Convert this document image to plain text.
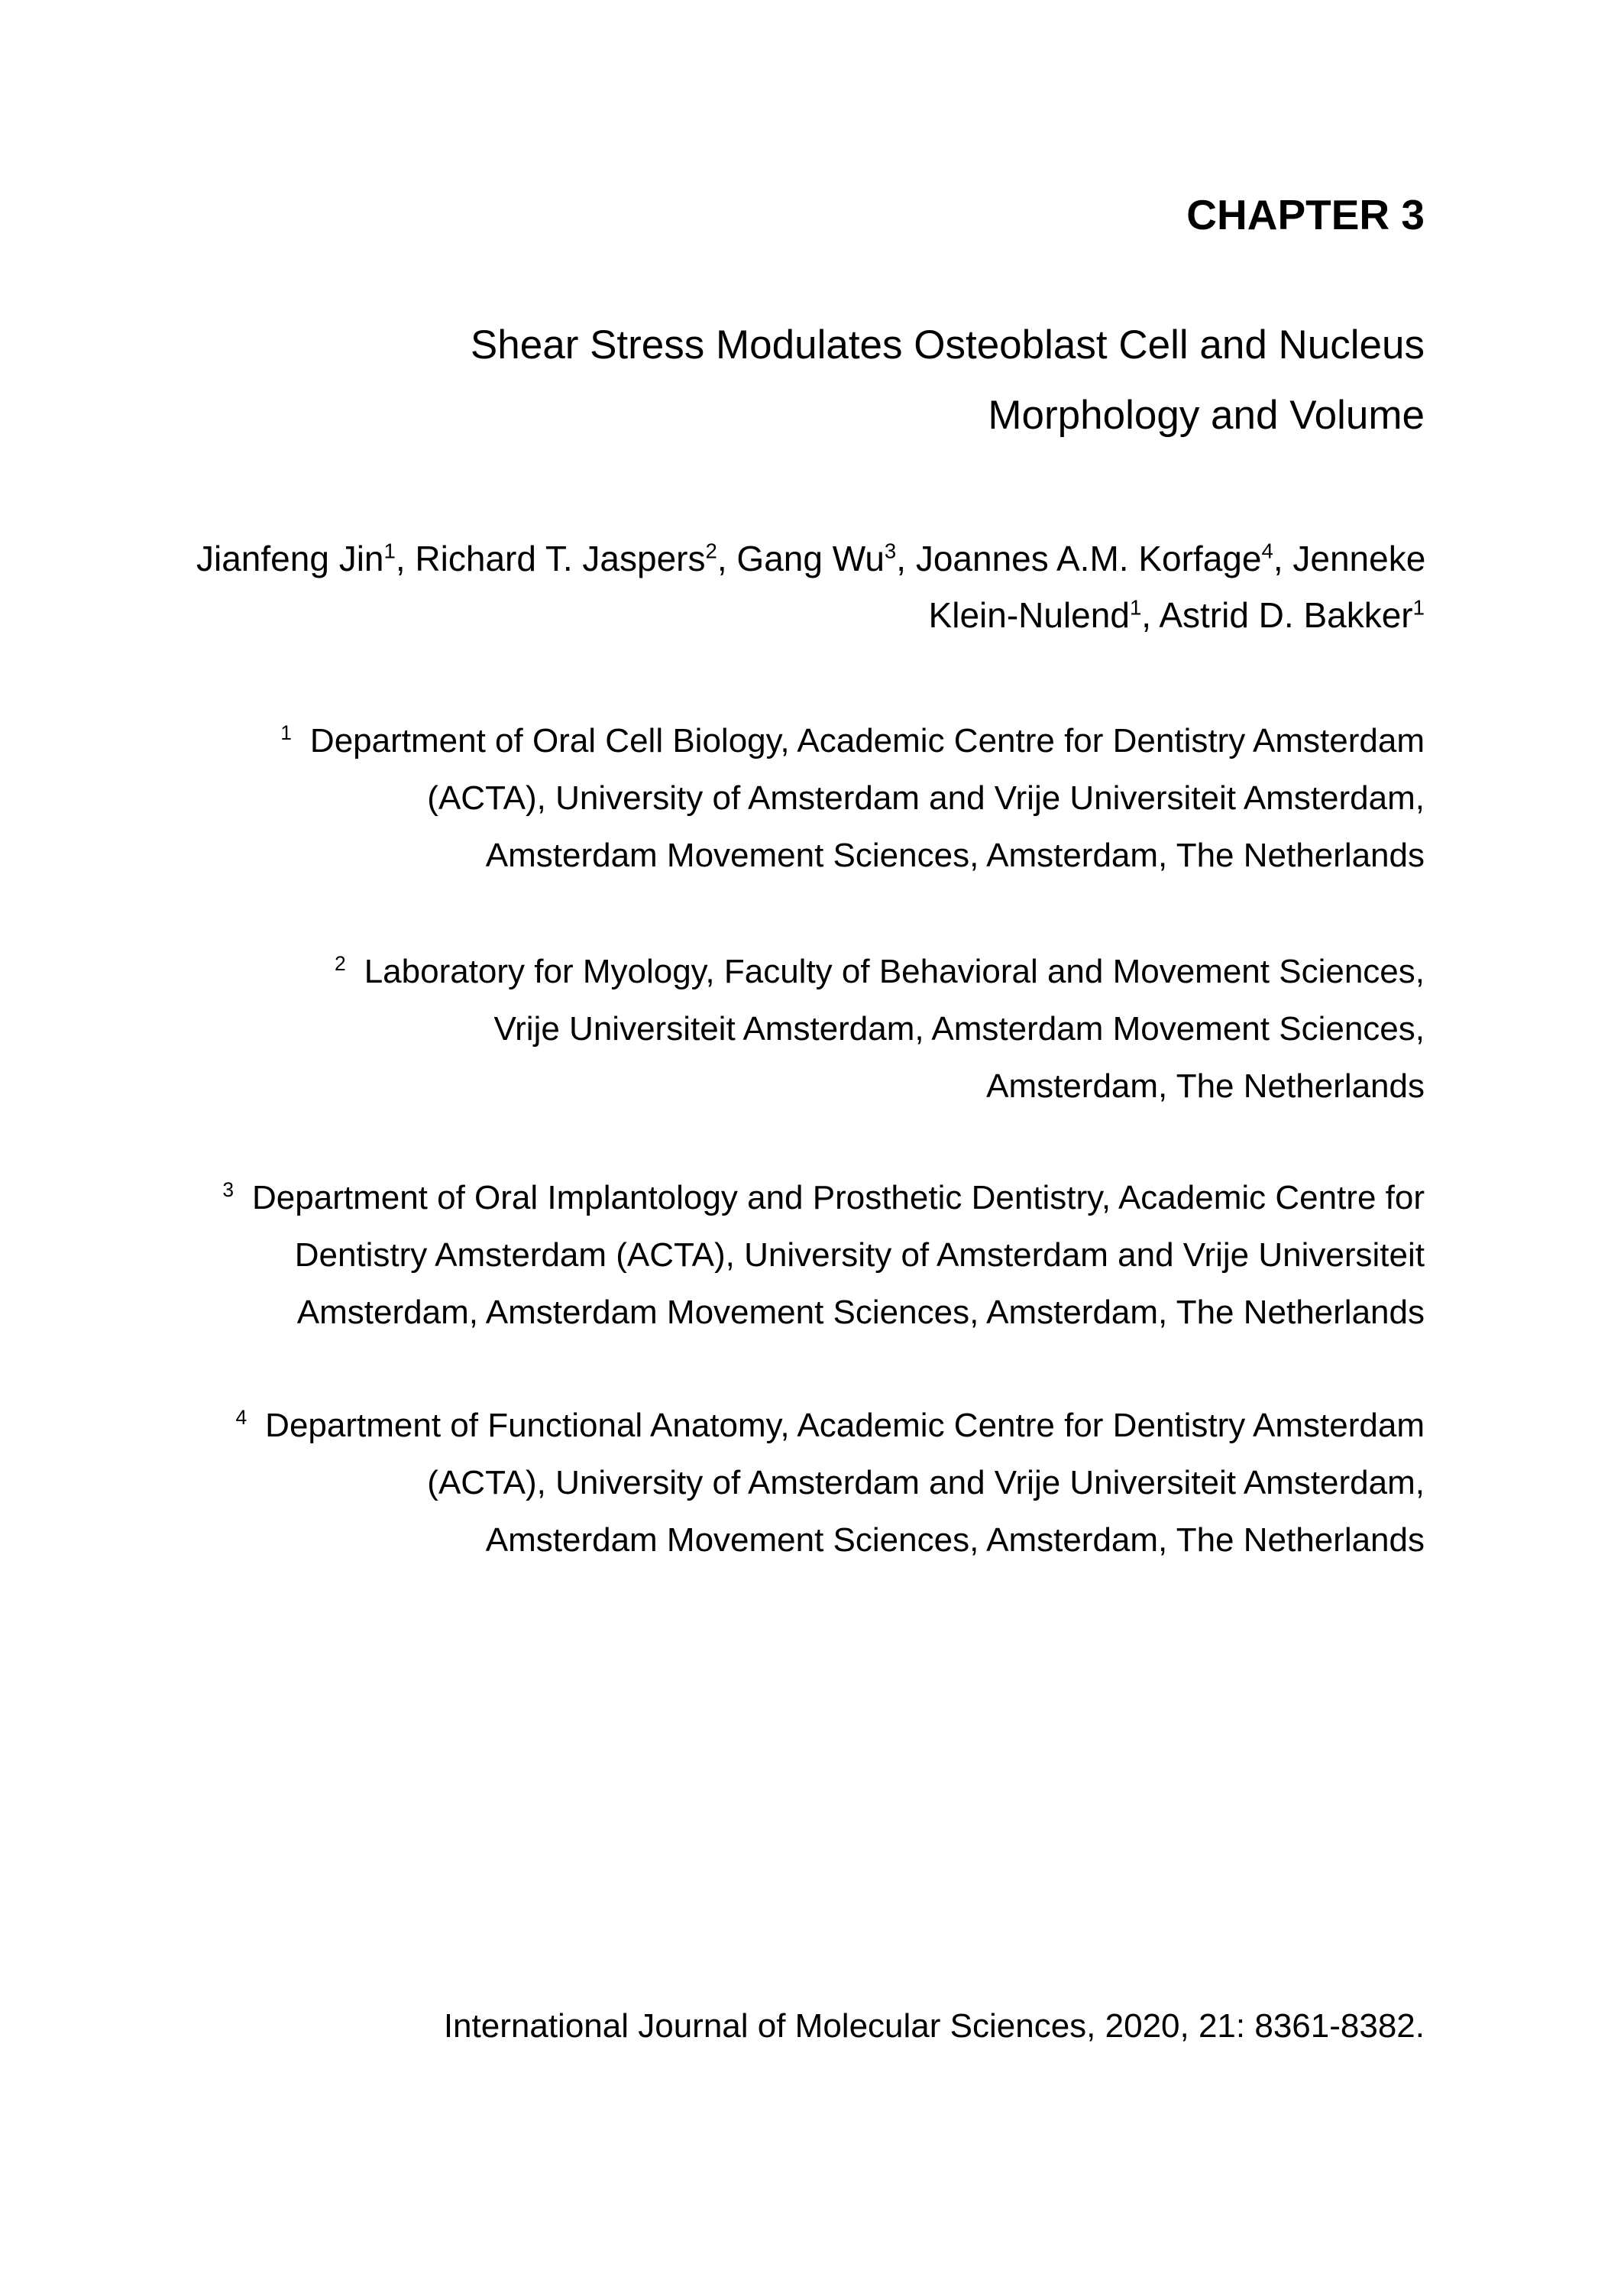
CHAPTER 3
Shear Stress Modulates Osteoblast Cell and Nucleus
Morphology and Volume
Jianfeng Jin$^1$, Richard T. Jaspers$^2$, Gang Wu$^3$, Joannes A.M. Korfage$^4$, Jenneke
Klein-Nulend$^1$, Astrid D. Bakker$^1$
$^1$ Department of Oral Cell Biology, Academic Centre for Dentistry Amsterdam
(ACTA), University of Amsterdam and Vrije Universiteit Amsterdam,
Amsterdam Movement Sciences, Amsterdam, The Netherlands
$^2$ Laboratory for Myology, Faculty of Behavioral and Movement Sciences,
Vrije Universiteit Amsterdam, Amsterdam Movement Sciences,
Amsterdam, The Netherlands
$^3$ Department of Oral Implantology and Prosthetic Dentistry, Academic Centre for
Dentistry Amsterdam (ACTA), University of Amsterdam and Vrije Universiteit
Amsterdam, Amsterdam Movement Sciences, Amsterdam, The Netherlands
$^4$ Department of Functional Anatomy, Academic Centre for Dentistry Amsterdam
(ACTA), University of Amsterdam and Vrije Universiteit Amsterdam,
Amsterdam Movement Sciences, Amsterdam, The Netherlands
International Journal of Molecular Sciences, 2020, 21: 8361-8382.
